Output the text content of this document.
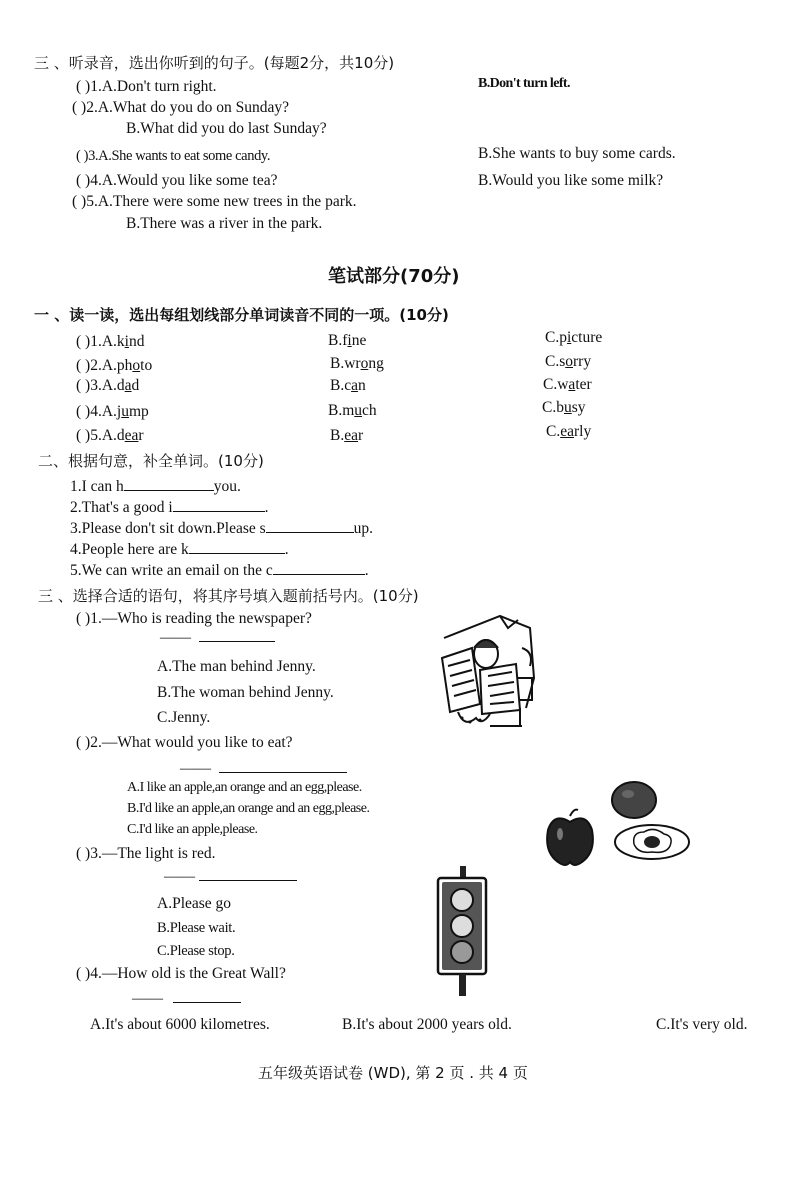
三 、听录音，选出你听到的句子。(每题2分，共10分)
( )1.A.Don't turn right.	B.Don't turn left.
( )2.A.What do you do on Sunday?
B.What did you do last Sunday?
( )3.A.She wants to eat some candy.	B.She wants to buy some cards.
( )4.A.Would you like some tea?	B.Would you like some milk?
( )5.A.There were some new trees in the park.
B.There was a river in the park.
笔试部分(70分)
一 、读一读，选出每组划线部分单词读音不同的一项。(10分)
( )1.A.kind	B.fine	C.picture
( )2.A.photo	B.wrong	C.sorry
( )3.A.dad	B.can	C.water
( )4.A.jump	B.much	C.busy
( )5.A.dear	B.ear	C.early
二、根据句意，补全单词。(10分)
1.I can h	you.
2.That's a good i	.
3.Please don't sit down.Please s	up.
4.People here are k	.
5.We can write an email on the c	.
三 、选择合适的语句，将其序号填入题前括号内。(10分)
( )1.—Who is reading the newspaper?
——
A.The man behind Jenny.
B.The woman behind Jenny.
C.Jenny.
( )2.—What would you like to eat?
——
A.I like an apple,an orange and an egg,please.
B.I'd like an apple,an orange and an egg,please.
C.I'd like an apple,please.
( )3.—The light is red.
——
A.Please go
B.Please wait.
C.Please stop.
( )4.—How old is the Great Wall?
——
A.It's about 6000 kilometres.	B.It's about 2000 years old.	C.It's very old.
五年级英语试卷 (WD), 第 2 页 . 共 4 页
